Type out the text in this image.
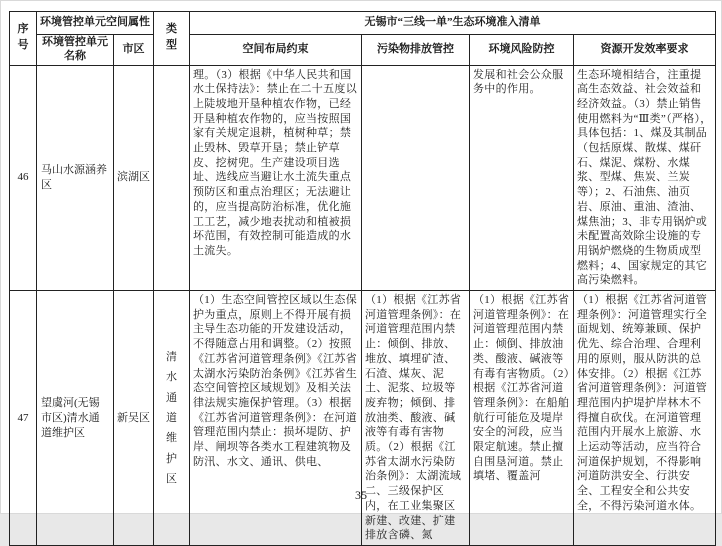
序号	环境管控单元空间属性		类型	无锡市“三线一单”生态环境准入清单			
	环境管控单元名称	市区		空间布局约束	污染物排放管控	环境风险防控	资源开发效率要求
46	马山水源涵养区	滨湖区		理。（3）根据《中华人民共和国水土保持法》：禁止在二十五度以上陡坡地开垦种植农作物，已经开垦种植农作物的，应当按照国家有关规定退耕，植树种草；禁止毁林、毁草开垦；禁止铲草皮、挖树兜。生产建设项目选址、选线应当避让水土流失重点预防区和重点治理区；无法避让的，应当提高防治标准，优化施工工艺，减少地表扰动和植被损坏范围，有效控制可能造成的水土流失。		发展和社会公众服务中的作用。	生态环境相结合，注重提高生态效益、社会效益和经济效益。（3）禁止销售使用燃料为“Ⅲ类”（严格），具体包括：1、煤及其制品（包括原煤、散煤、煤矸石、煤泥、煤粉、水煤浆、型煤、焦炭、兰炭等）；2、石油焦、油页岩、原油、重油、渣油、煤焦油；3、非专用锅炉或未配置高效除尘设施的专用锅炉燃烧的生物质成型燃料；4、国家规定的其它高污染燃料。
47	望虞河(无锡市区)清水通道维护区	新吴区	清水通道维护区	（1）生态空间管控区域以生态保护为重点，原则上不得开展有损主导生态功能的开发建设活动，不得随意占用和调整。（2）按照《江苏省河道管理条例》《江苏省太湖水污染防治条例》《江苏省生态空间管控区域规划》及相关法律法规实施保护管理。（3）根据《江苏省河道管理条例》：在河道管理范围内禁止：损坏堤防、护岸、闸坝等各类水工程建筑物及防汛、水文、通讯、供电、	（1）根据《江苏省河道管理条例》：在河道管理范围内禁止：倾倒、排放、堆放、填埋矿渣、石渣、煤灰、泥土、泥浆、垃圾等废弃物；倾倒、排放油类、酸液、碱液等有毒有害物质。（2）根据《江苏省太湖水污染防治条例》：太湖流域二、三级保护区内，在工业集聚区新建、改建、扩建排放含磷、氮	（1）根据《江苏省河道管理条例》：在河道管理范围内禁止：倾倒、排放油类、酸液、碱液等有毒有害物质。（2）根据《江苏省河道管理条例》：在船舶航行可能危及堤岸安全的河段，应当限定航速。禁止擅自围垦河道。禁止填堵、覆盖河	（1）根据《江苏省河道管理条例》：河道管理实行全面规划、统筹兼顾、保护优先、综合治理、合理利用的原则，服从防洪的总体安排。（2）根据《江苏省河道管理条例》：河道管理范围内护堤护岸林木不得擅自砍伐。在河道管理范围内开展水上旅游、水上运动等活动，应当符合河道保护规划，不得影响河道防洪安全、行洪安全、工程安全和公共安全，不得污染河道水体。
35
